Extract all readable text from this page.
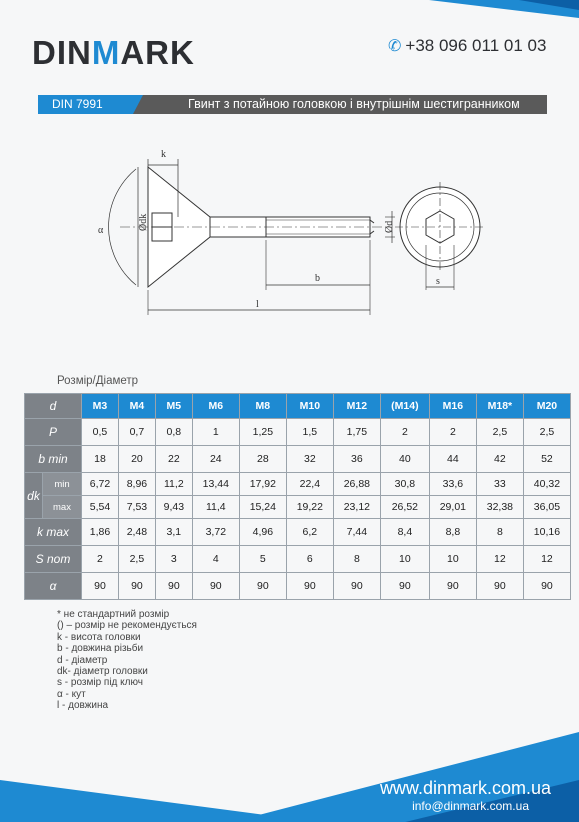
DINMARK	✆ +38 096 011 01 03
DIN 7991	Гвинт з потайною головкою і внутрішнім шестигранником
k
α	Ødk	Ød
b
l
s
Розмір/Діаметр
d		M3	M4	M5	M6	M8	M10	M12	(M14)	M16	M18*	M20
P		0,5	0,7	0,8	1	1,25	1,5	1,75	2	2	2,5	2,5
b min		18	20	22	24	28	32	36	40	44	42	52
dk	min	6,72	8,96	11,2	13,44	17,92	22,4	26,88	30,8	33,6	33	40,32
	max	5,54	7,53	9,43	11,4	15,24	19,22	23,12	26,52	29,01	32,38	36,05
k max		1,86	2,48	3,1	3,72	4,96	6,2	7,44	8,4	8,8	8	10,16
S nom		2	2,5	3	4	5	6	8	10	10	12	12
α		90	90	90	90	90	90	90	90	90	90	90
* не стандартний розмір
() – розмір не рекомендується
k - висота головки
b - довжина різьби
d - діаметр
dk- діаметр головки
s - розмір під ключ
α - кут
l - довжина
www.dinmark.com.ua
info@dinmark.com.ua
